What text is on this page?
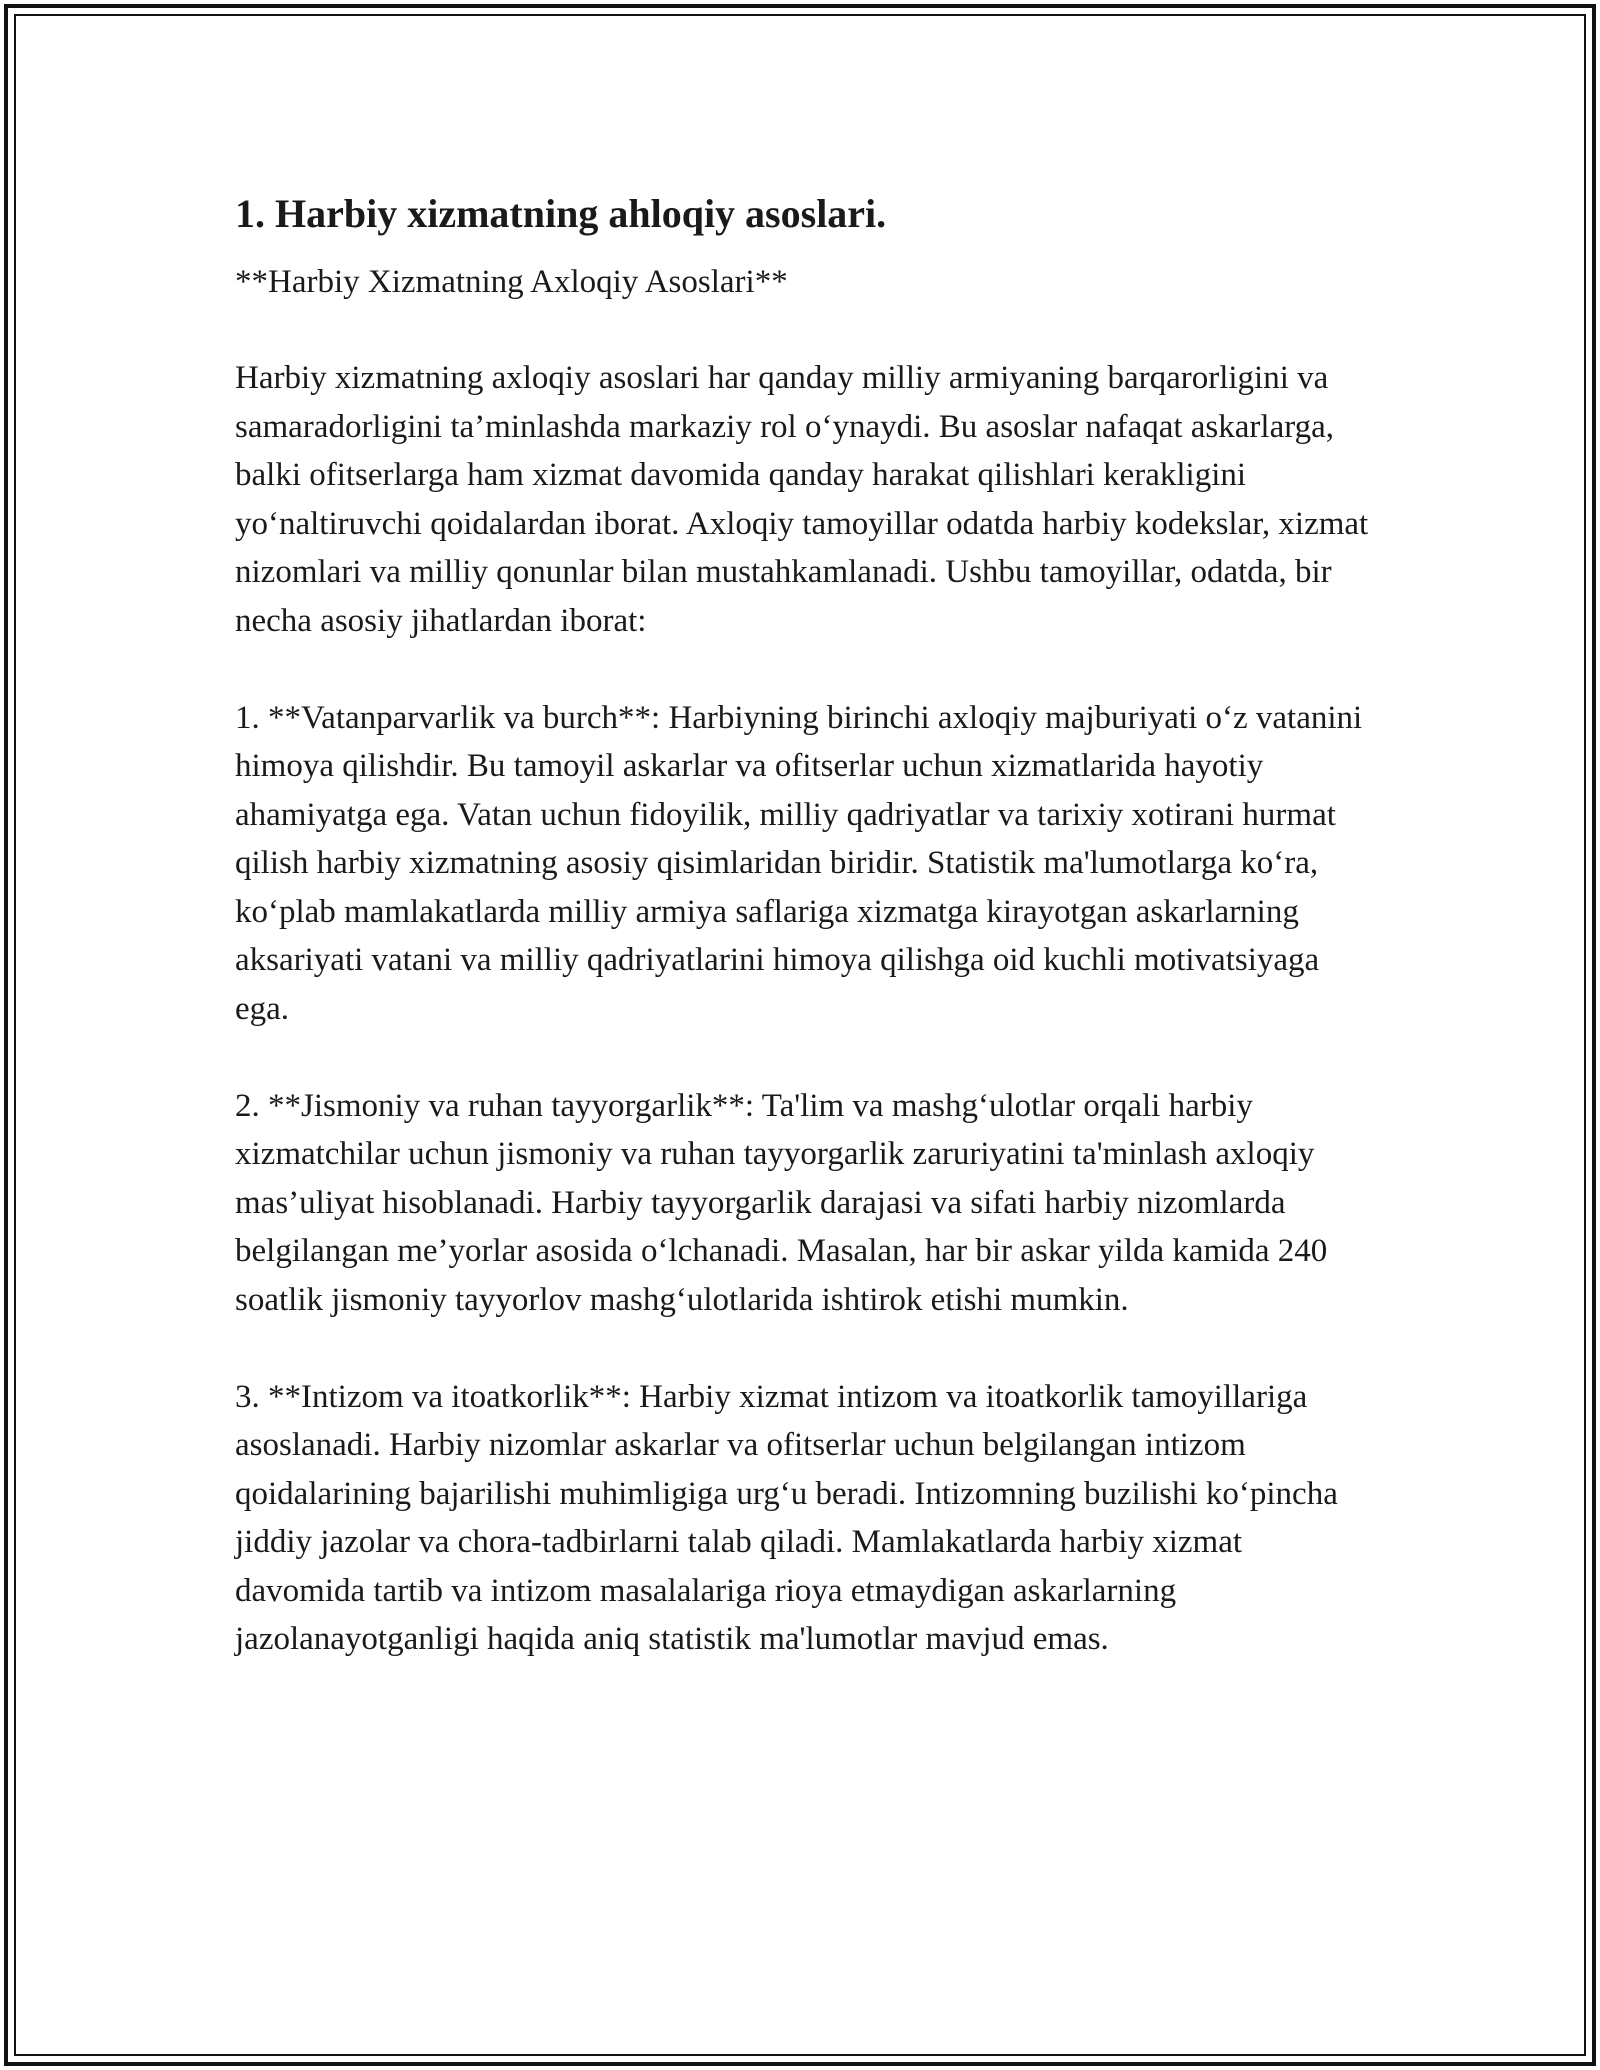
1. Harbiy xizmatning ahloqiy asoslari.

**Harbiy Xizmatning Axloqiy Asoslari**

Harbiy xizmatning axloqiy asoslari har qanday milliy armiyaning barqarorligini va samaradorligini ta’minlashda markaziy rol o‘ynaydi. Bu asoslar nafaqat askarlarga, balki ofitserlarga ham xizmat davomida qanday harakat qilishlari kerakligini yo‘naltiruvchi qoidalardan iborat. Axloqiy tamoyillar odatda harbiy kodekslar, xizmat nizomlari va milliy qonunlar bilan mustahkamlanadi. Ushbu tamoyillar, odatda, bir necha asosiy jihatlardan iborat:

1. **Vatanparvarlik va burch**: Harbiyning birinchi axloqiy majburiyati o‘z vatanini himoya qilishdir. Bu tamoyil askarlar va ofitserlar uchun xizmatlarida hayotiy ahamiyatga ega. Vatan uchun fidoyilik, milliy qadriyatlar va tarixiy xotirani hurmat qilish harbiy xizmatning asosiy qisimlaridan biridir. Statistik ma'lumotlarga ko‘ra, ko‘plab mamlakatlarda milliy armiya saflariga xizmatga kirayotgan askarlarning aksariyati vatani va milliy qadriyatlarini himoya qilishga oid kuchli motivatsiyaga ega.

2. **Jismoniy va ruhan tayyorgarlik**: Ta'lim va mashg‘ulotlar orqali harbiy xizmatchilar uchun jismoniy va ruhan tayyorgarlik zaruriyatini ta'minlash axloqiy mas’uliyat hisoblanadi. Harbiy tayyorgarlik darajasi va sifati harbiy nizomlarda belgilangan me’yorlar asosida o‘lchanadi. Masalan, har bir askar yilda kamida 240 soatlik jismoniy tayyorlov mashg‘ulotlarida ishtirok etishi mumkin.

3. **Intizom va itoatkorlik**: Harbiy xizmat intizom va itoatkorlik tamoyillariga asoslanadi. Harbiy nizomlar askarlar va ofitserlar uchun belgilangan intizom qoidalarining bajarilishi muhimligiga urg‘u beradi. Intizomning buzilishi ko‘pincha jiddiy jazolar va chora-tadbirlarni talab qiladi. Mamlakatlarda harbiy xizmat davomida tartib va intizom masalalariga rioya etmaydigan askarlarning jazolanayotganligi haqida aniq statistik ma'lumotlar mavjud emas.
